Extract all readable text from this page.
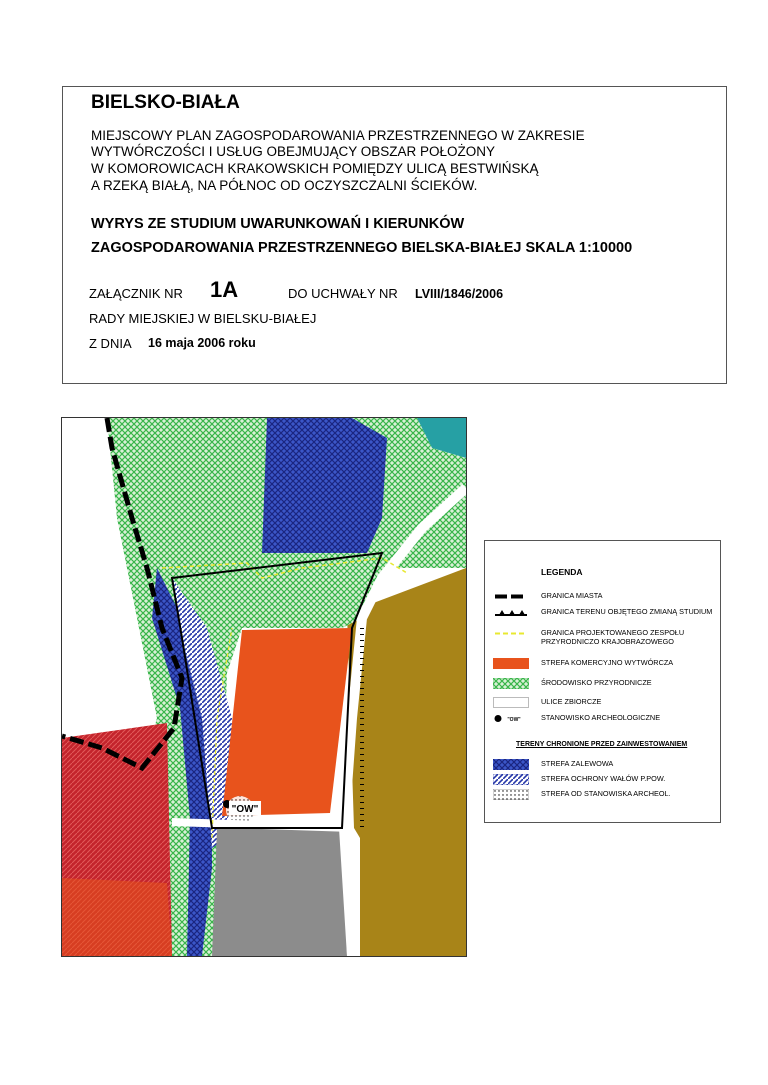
BIELSKO-BIAŁA
MIEJSCOWY PLAN ZAGOSPODAROWANIA PRZESTRZENNEGO W ZAKRESIE
WYTWÓRCZOŚCI I USŁUG OBEJMUJĄCY OBSZAR POŁOŻONY
W KOMOROWICACH KRAKOWSKICH POMIĘDZY ULICĄ BESTWIŃSKĄ
A RZEKĄ BIAŁĄ, NA PÓŁNOC OD OCZYSZCZALNI ŚCIEKÓW.
WYRYS ZE STUDIUM UWARUNKOWAŃ I KIERUNKÓW
ZAGOSPODAROWANIA PRZESTRZENNEGO BIELSKA-BIAŁEJ SKALA 1:10000
ZAŁĄCZNIK NR 1A	DO UCHWAŁY NR LVIII/1846/2006
RADY MIEJSKIEJ W BIELSKU-BIAŁEJ
Z DNIA 16 maja 2006 roku
"OW"
LEGENDA
GRANICA MIASTA
GRANICA TERENU OBJĘTEGO ZMIANĄ STUDIUM
GRANICA PROJEKTOWANEGO ZESPOŁU
PRZYRODNICZO KRAJOBRAZOWEGO
STREFA KOMERCYJNO WYTWÓRCZA
ŚRODOWISKO PRZYRODNICZE
ULICE ZBIORCZE
"OW"	STANOWISKO ARCHEOLOGICZNE
TERENY CHRONIONE PRZED ZAINWESTOWANIEM
STREFA ZALEWOWA
STREFA OCHRONY WAŁÓW P.POW.
STREFA OD STANOWISKA ARCHEOL.
